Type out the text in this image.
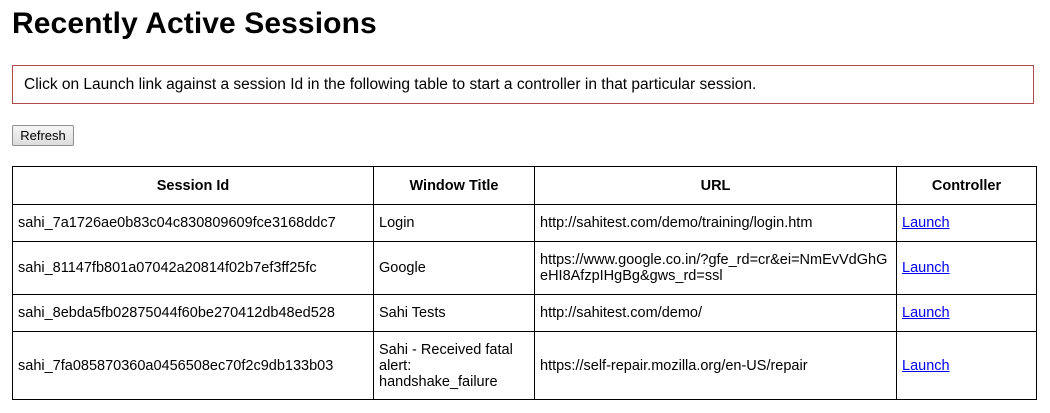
Recently Active Sessions
Click on Launch link against a session Id in the following table to start a controller in that particular session.
Refresh
Session Id	Window Title	URL	Controller
sahi_7a1726ae0b83c04c830809609fce3168ddc7	Login	http://sahitest.com/demo/training/login.htm	Launch
sahi_81147fb801a07042a20814f02b7ef3ff25fc	Google	https://www.google.co.in/?gfe_rd=cr&ei=NmEvVdGhGeHI8AfzpIHgBg&gws_rd=ssl	Launch
sahi_8ebda5fb02875044f60be270412db48ed528	Sahi Tests	http://sahitest.com/demo/	Launch
sahi_7fa085870360a0456508ec70f2c9db133b03	Sahi - Received fatal alert: handshake_failure	https://self-repair.mozilla.org/en-US/repair	Launch
